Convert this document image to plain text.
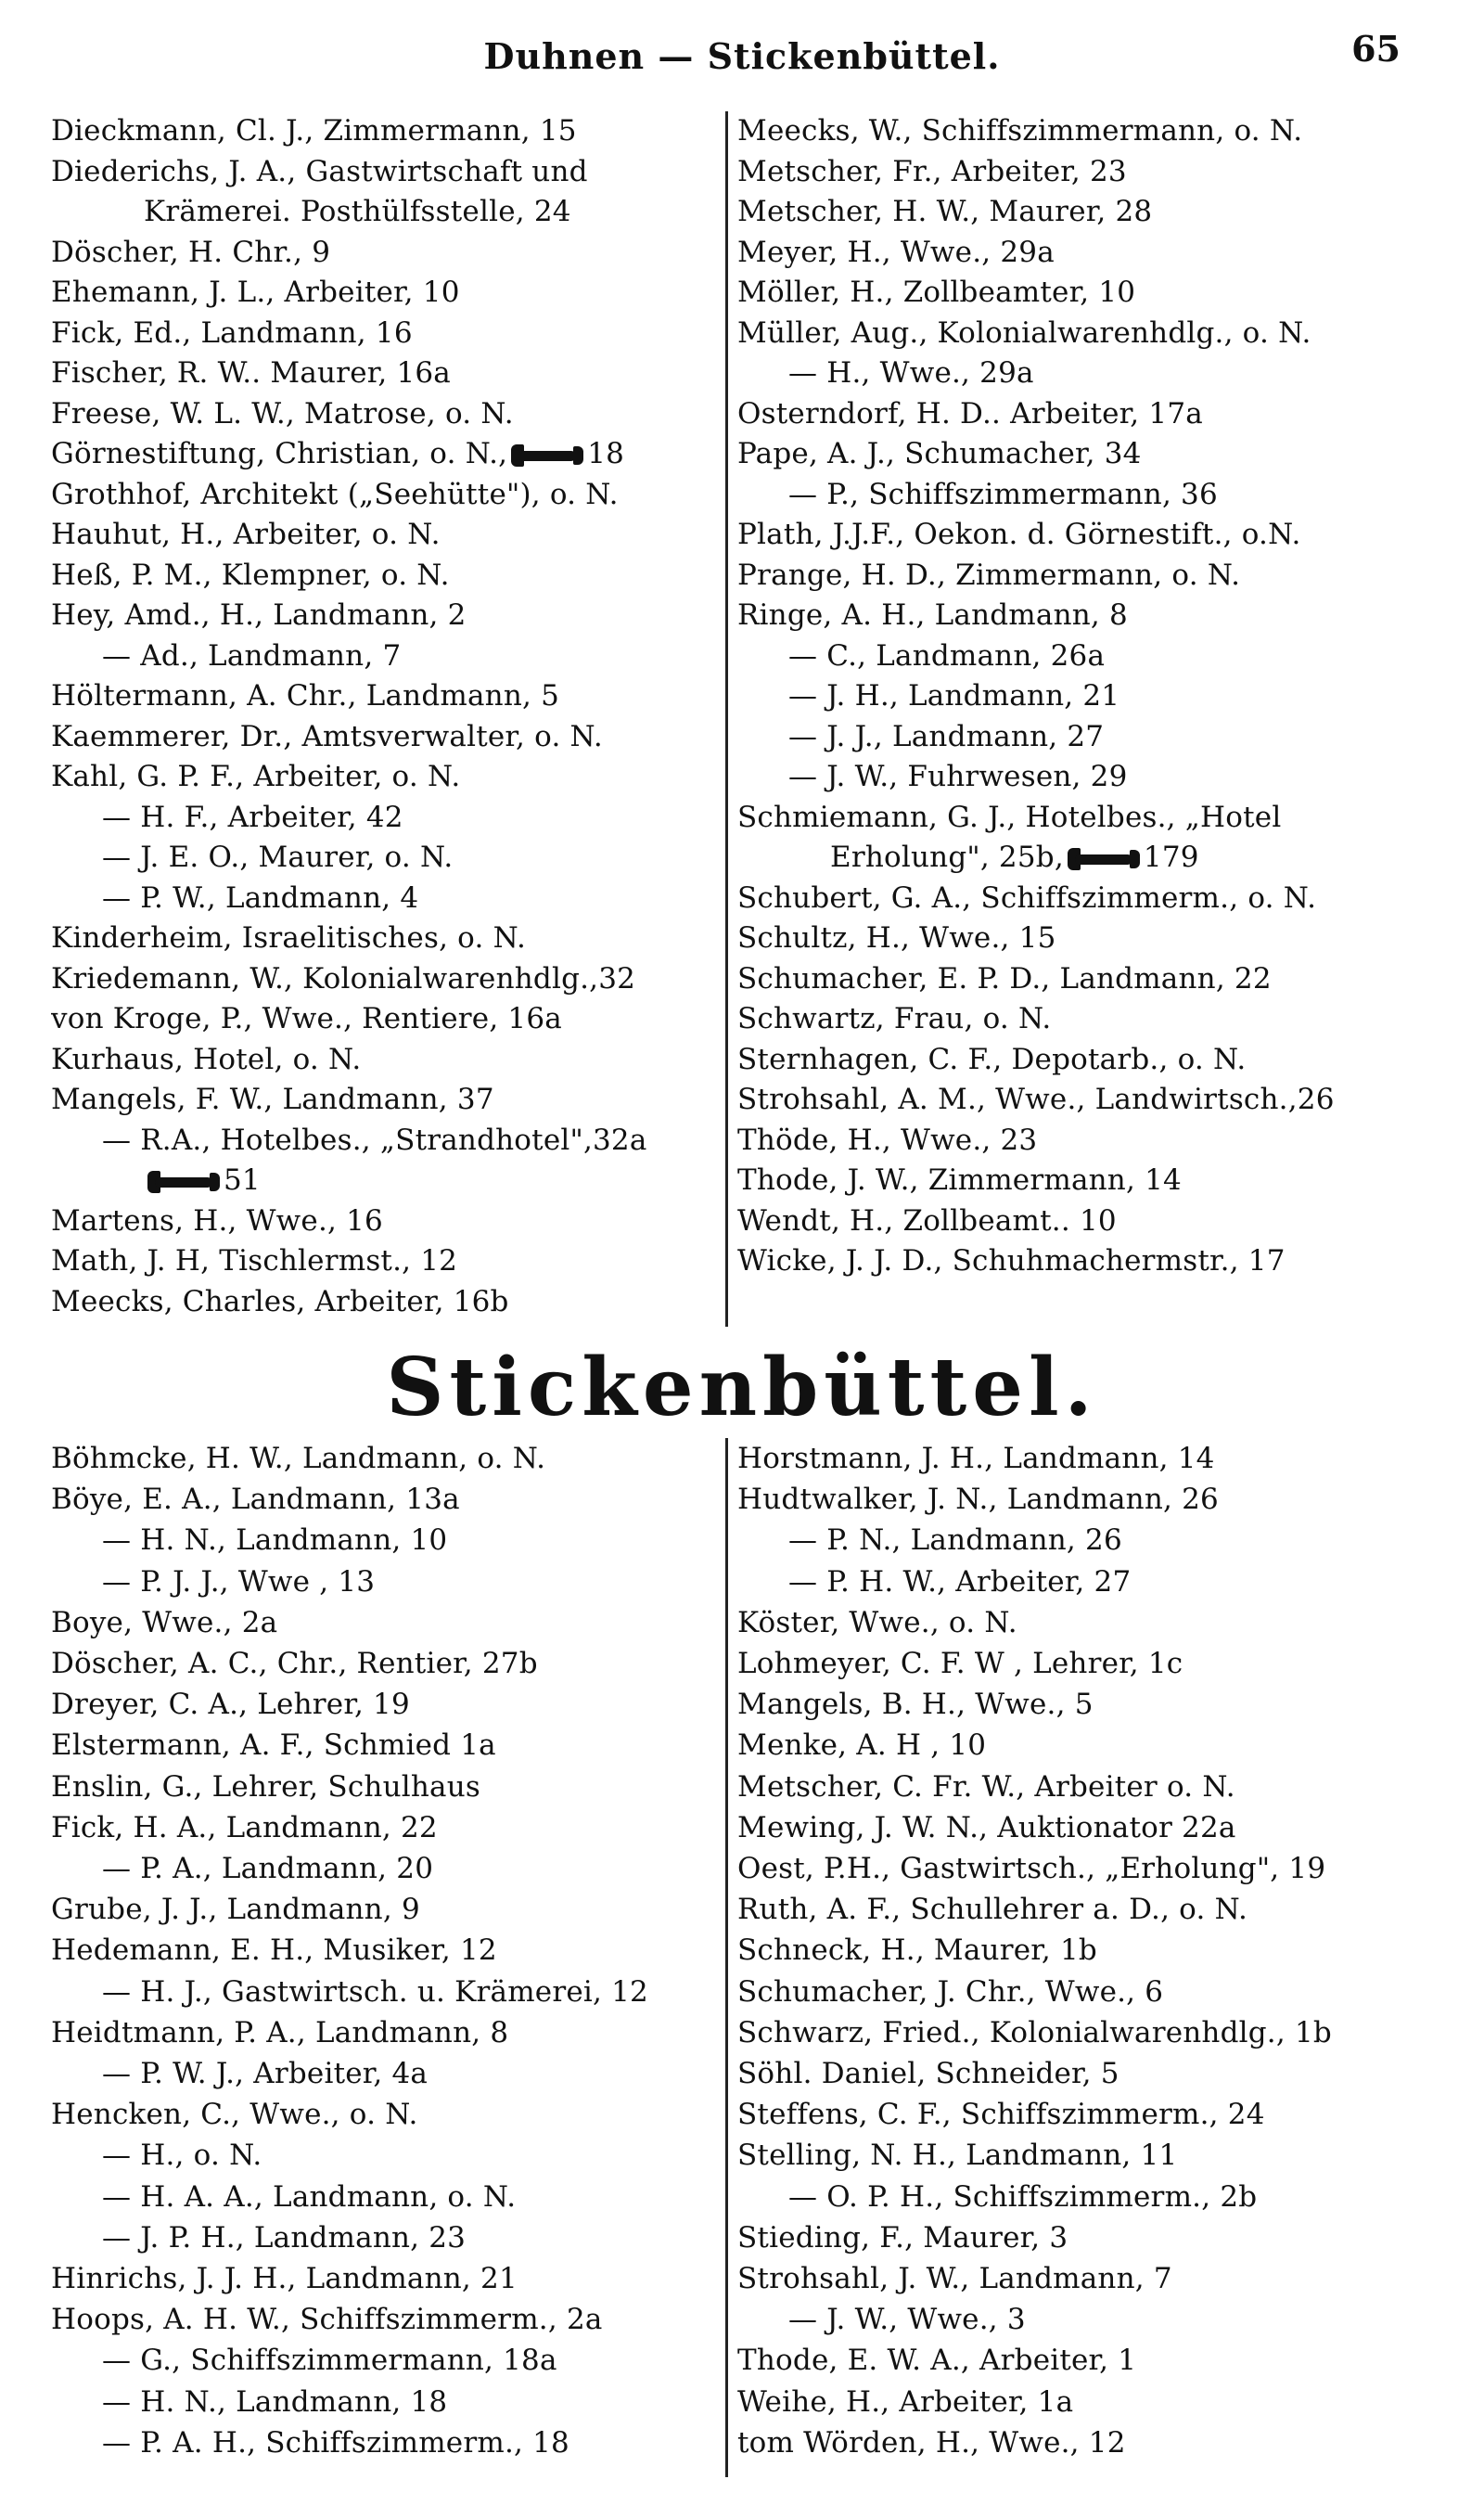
Duhnen — Stickenbüttel.	65
Dieckmann, Cl. J., Zimmermann, 15
Diederichs, J. A., Gastwirtschaft und
Krämerei. Posthülfsstelle, 24
Döscher, H. Chr., 9
Ehemann, J. L., Arbeiter, 10
Fick, Ed., Landmann, 16
Fischer, R. W.. Maurer, 16a
Freese, W. L. W., Matrose, o. N.
Görnestiftung, Christian, o. N.,	18
Grothhof, Architekt („Seehütte"), o. N.
Hauhut, H., Arbeiter, o. N.
Heß, P. M., Klempner, o. N.
Hey, Amd., H., Landmann, 2
— Ad., Landmann, 7
Höltermann, A. Chr., Landmann, 5
Kaemmerer, Dr., Amtsverwalter, o. N.
Kahl, G. P. F., Arbeiter, o. N.
— H. F., Arbeiter, 42
— J. E. O., Maurer, o. N.
— P. W., Landmann, 4
Kinderheim, Israelitisches, o. N.
Kriedemann, W., Kolonialwarenhdlg.,32
von Kroge, P., Wwe., Rentiere, 16a
Kurhaus, Hotel, o. N.
Mangels, F. W., Landmann, 37
— R.A., Hotelbes., „Strandhotel",32a
51
Martens, H., Wwe., 16
Math, J. H, Tischlermst., 12
Meecks, Charles, Arbeiter, 16b
Meecks, W., Schiffszimmermann, o. N.
Metscher, Fr., Arbeiter, 23
Metscher, H. W., Maurer, 28
Meyer, H., Wwe., 29a
Möller, H., Zollbeamter, 10
Müller, Aug., Kolonialwarenhdlg., o. N.
— H., Wwe., 29a
Osterndorf, H. D.. Arbeiter, 17a
Pape, A. J., Schumacher, 34
— P., Schiffszimmermann, 36
Plath, J.J.F., Oekon. d. Görnestift., o.N.
Prange, H. D., Zimmermann, o. N.
Ringe, A. H., Landmann, 8
— C., Landmann, 26a
— J. H., Landmann, 21
— J. J., Landmann, 27
— J. W., Fuhrwesen, 29
Schmiemann, G. J., Hotelbes., „Hotel
Erholung", 25b,	179
Schubert, G. A., Schiffszimmerm., o. N.
Schultz, H., Wwe., 15
Schumacher, E. P. D., Landmann, 22
Schwartz, Frau, o. N.
Sternhagen, C. F., Depotarb., o. N.
Strohsahl, A. M., Wwe., Landwirtsch.,26
Thöde, H., Wwe., 23
Thode, J. W., Zimmermann, 14
Wendt, H., Zollbeamt.. 10
Wicke, J. J. D., Schuhmachermstr., 17
Stickenbüttel.
Böhmcke, H. W., Landmann, o. N.
Böye, E. A., Landmann, 13a
— H. N., Landmann, 10
— P. J. J., Wwe , 13
Boye, Wwe., 2a
Döscher, A. C., Chr., Rentier, 27b
Dreyer, C. A., Lehrer, 19
Elstermann, A. F., Schmied 1a
Enslin, G., Lehrer, Schulhaus
Fick, H. A., Landmann, 22
— P. A., Landmann, 20
Grube, J. J., Landmann, 9
Hedemann, E. H., Musiker, 12
— H. J., Gastwirtsch. u. Krämerei, 12
Heidtmann, P. A., Landmann, 8
— P. W. J., Arbeiter, 4a
Hencken, C., Wwe., o. N.
— H., o. N.
— H. A. A., Landmann, o. N.
— J. P. H., Landmann, 23
Hinrichs, J. J. H., Landmann, 21
Hoops, A. H. W., Schiffszimmerm., 2a
— G., Schiffszimmermann, 18a
— H. N., Landmann, 18
— P. A. H., Schiffszimmerm., 18
Horstmann, J. H., Landmann, 14
Hudtwalker, J. N., Landmann, 26
— P. N., Landmann, 26
— P. H. W., Arbeiter, 27
Köster, Wwe., o. N.
Lohmeyer, C. F. W , Lehrer, 1c
Mangels, B. H., Wwe., 5
Menke, A. H , 10
Metscher, C. Fr. W., Arbeiter o. N.
Mewing, J. W. N., Auktionator 22a
Oest, P.H., Gastwirtsch., „Erholung", 19
Ruth, A. F., Schullehrer a. D., o. N.
Schneck, H., Maurer, 1b
Schumacher, J. Chr., Wwe., 6
Schwarz, Fried., Kolonialwarenhdlg., 1b
Söhl. Daniel, Schneider, 5
Steffens, C. F., Schiffszimmerm., 24
Stelling, N. H., Landmann, 11
— O. P. H., Schiffszimmerm., 2b
Stieding, F., Maurer, 3
Strohsahl, J. W., Landmann, 7
— J. W., Wwe., 3
Thode, E. W. A., Arbeiter, 1
Weihe, H., Arbeiter, 1a
tom Wörden, H., Wwe., 12
